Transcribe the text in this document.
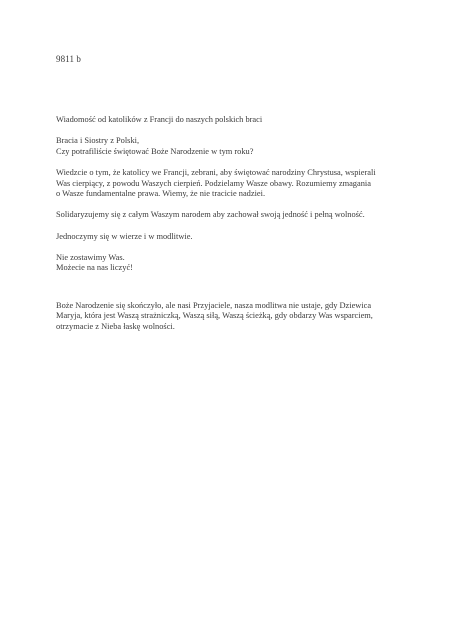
9811 b

Wiadomość od katolików z Francji do naszych polskich braci

Bracia i Siostry z Polski,
Czy potrafiliście świętować Boże Narodzenie w tym roku?

Wiedzcie o tym, że katolicy we Francji, zebrani, aby świętować narodziny Chrystusa, wspierali
Was cierpiący, z powodu Waszych cierpień. Podzielamy Wasze obawy. Rozumiemy zmagania
o Wasze fundamentalne prawa. Wiemy, że nie tracicie nadziei.

Solidaryzujemy się z całym Waszym narodem aby zachował swoją jedność i pełną wolność.

Jednoczymy się w wierze i w modlitwie.

Nie zostawimy Was.
Możecie na nas liczyć!

Boże Narodzenie się skończyło, ale nasi Przyjaciele, nasza modlitwa nie ustaje, gdy Dziewica
Maryja, która jest Waszą strażniczką, Waszą siłą, Waszą ścieżką, gdy obdarzy Was wsparciem,
otrzymacie z Nieba łaskę wolności.
